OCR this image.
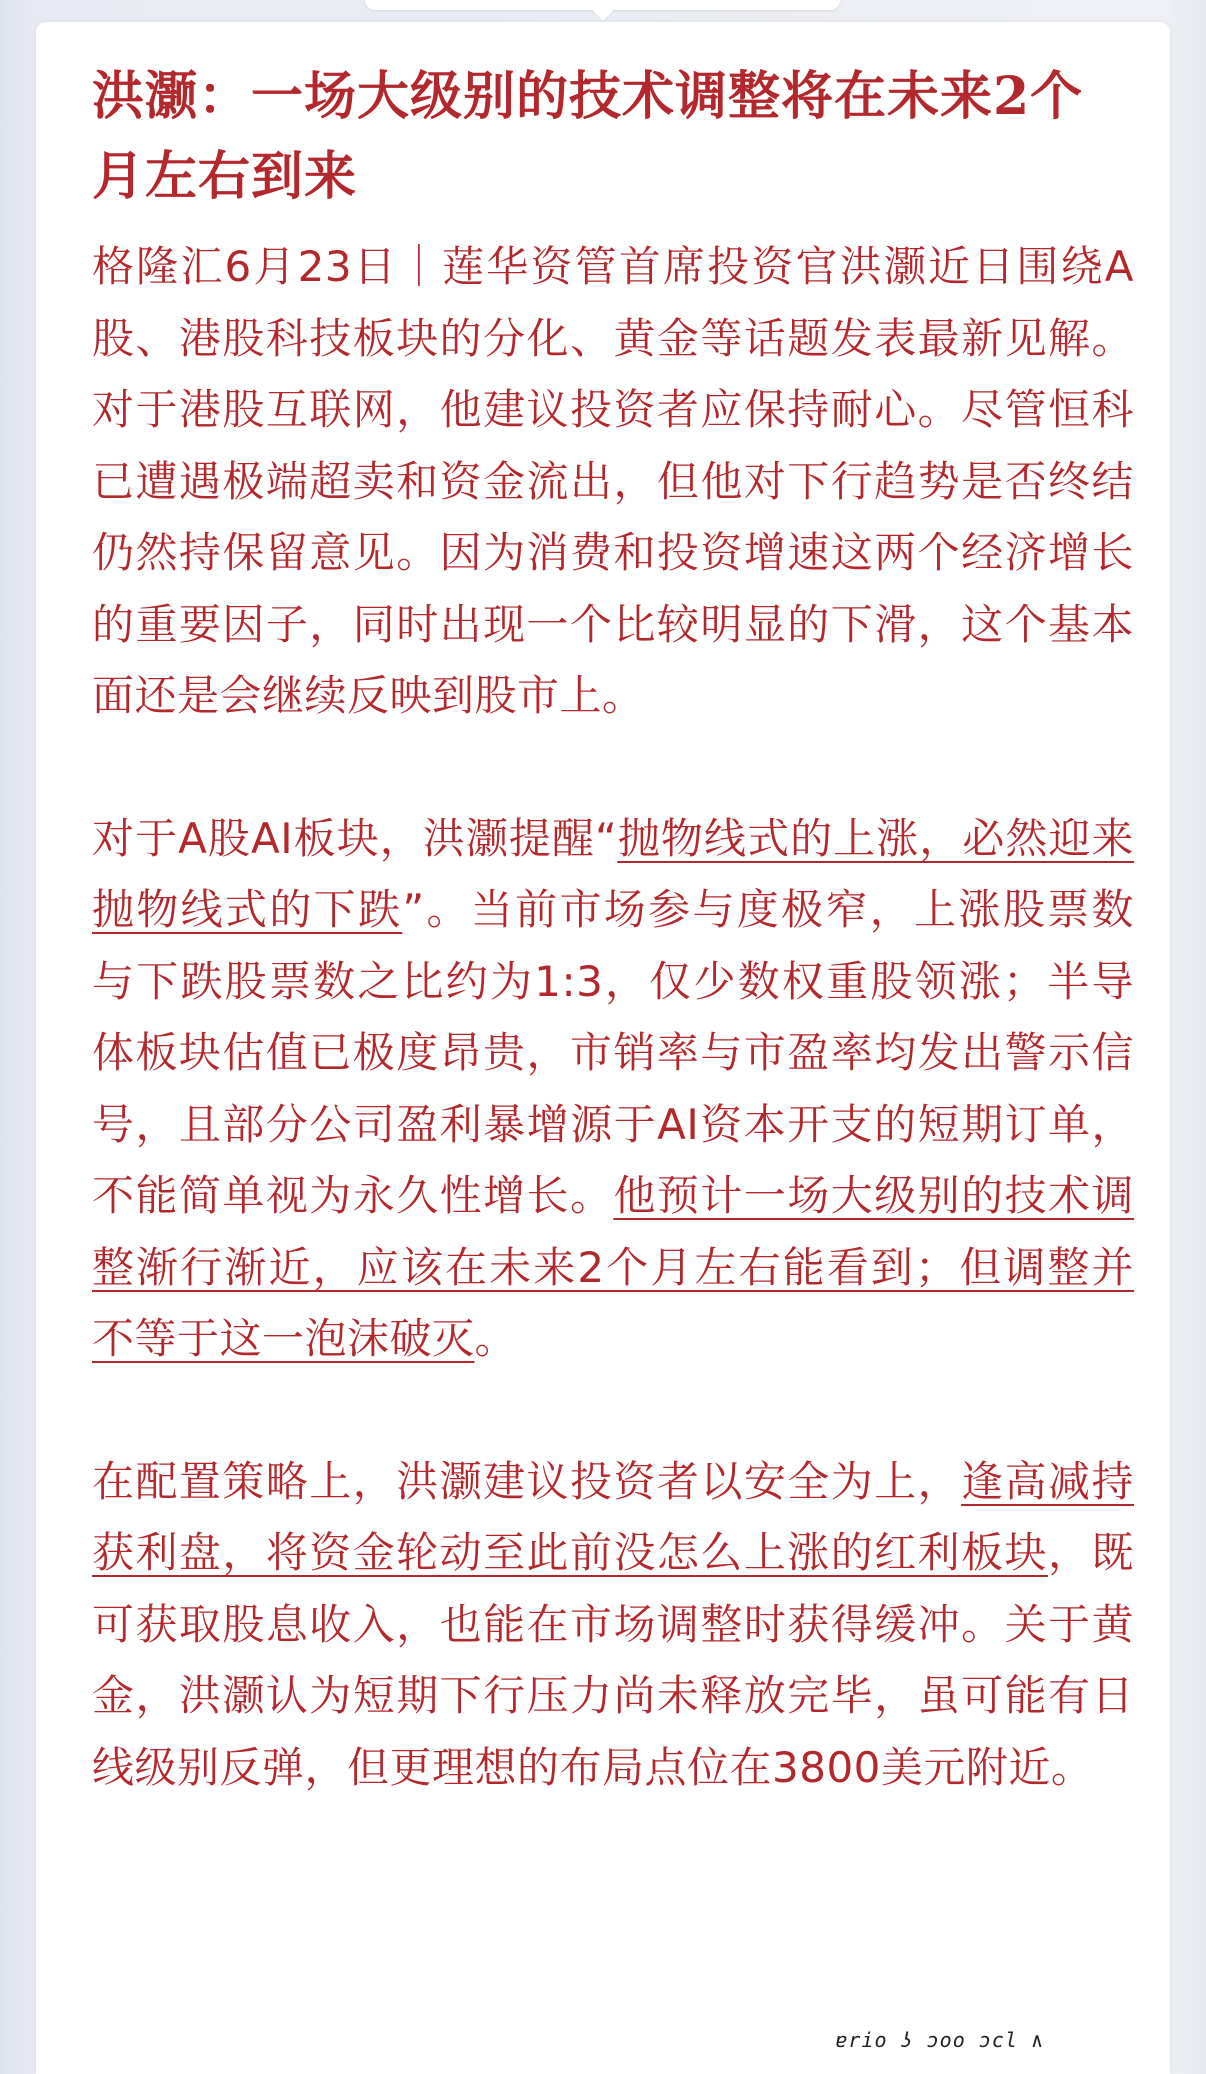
洪灏：一场大级别的技术调整将在未来2个月左右到来

格隆汇6月23日｜莲华资管首席投资官洪灏近日围绕A股、港股科技板块的分化、黄金等话题发表最新见解。对于港股互联网，他建议投资者应保持耐心。尽管恒科已遭遇极端超卖和资金流出，但他对下行趋势是否终结仍然持保留意见。因为消费和投资增速这两个经济增长的重要因子，同时出现一个比较明显的下滑，这个基本面还是会继续反映到股市上。

对于A股AI板块，洪灏提醒“抛物线式的上涨，必然迎来抛物线式的下跌”。当前市场参与度极窄，上涨股票数与下跌股票数之比约为1:3，仅少数权重股领涨；半导体板块估值已极度昂贵，市销率与市盈率均发出警示信号，且部分公司盈利暴增源于AI资本开支的短期订单，不能简单视为永久性增长。他预计一场大级别的技术调整渐行渐近，应该在未来2个月左右能看到；但调整并不等于这一泡沫破灭。

在配置策略上，洪灏建议投资者以安全为上，逢高减持获利盘，将资金轮动至此前没怎么上涨的红利板块，既可获取股息收入，也能在市场调整时获得缓冲。关于黄金，洪灏认为短期下行压力尚未释放完毕，虽可能有日线级别反弹，但更理想的布局点位在3800美元附近。

ɐrio ʖ ɔoo ɔcl ∧
